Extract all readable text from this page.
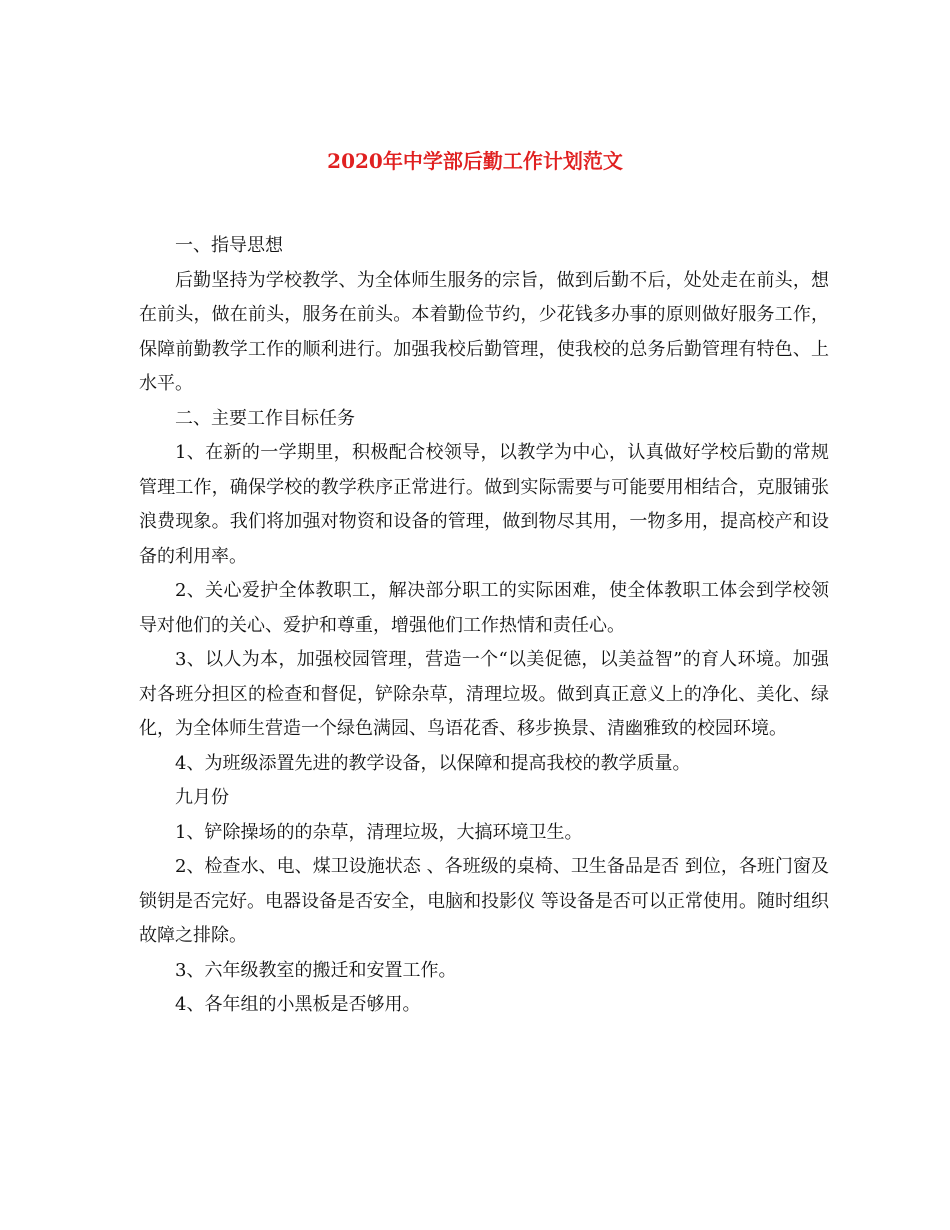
2020年中学部后勤工作计划范文

一、指导思想

后勤坚持为学校教学、为全体师生服务的宗旨，做到后勤不后，处处走在前头，想在前头，做在前头，服务在前头。本着勤俭节约，少花钱多办事的原则做好服务工作，保障前勤教学工作的顺利进行。加强我校后勤管理，使我校的总务后勤管理有特色、上水平。

二、主要工作目标任务

1、在新的一学期里，积极配合校领导，以教学为中心，认真做好学校后勤的常规管理工作，确保学校的教学秩序正常进行。做到实际需要与可能要用相结合，克服铺张浪费现象。我们将加强对物资和设备的管理，做到物尽其用，一物多用，提高校产和设备的利用率。

2、关心爱护全体教职工，解决部分职工的实际困难，使全体教职工体会到学校领导对他们的关心、爱护和尊重，增强他们工作热情和责任心。

3、以人为本，加强校园管理，营造一个“以美促德，以美益智”的育人环境。加强对各班分担区的检查和督促，铲除杂草，清理垃圾。做到真正意义上的净化、美化、绿化，为全体师生营造一个绿色满园、鸟语花香、移步换景、清幽雅致的校园环境。

4、为班级添置先进的教学设备，以保障和提高我校的教学质量。

九月份

1、铲除操场的的杂草，清理垃圾，大搞环境卫生。

2、检查水、电、煤卫设施状态 、各班级的桌椅、卫生备品是否 到位，各班门窗及锁钥是否完好。电器设备是否安全，电脑和投影仪 等设备是否可以正常使用。随时组织故障之排除。

3、六年级教室的搬迁和安置工作。

4、各年组的小黑板是否够用。
